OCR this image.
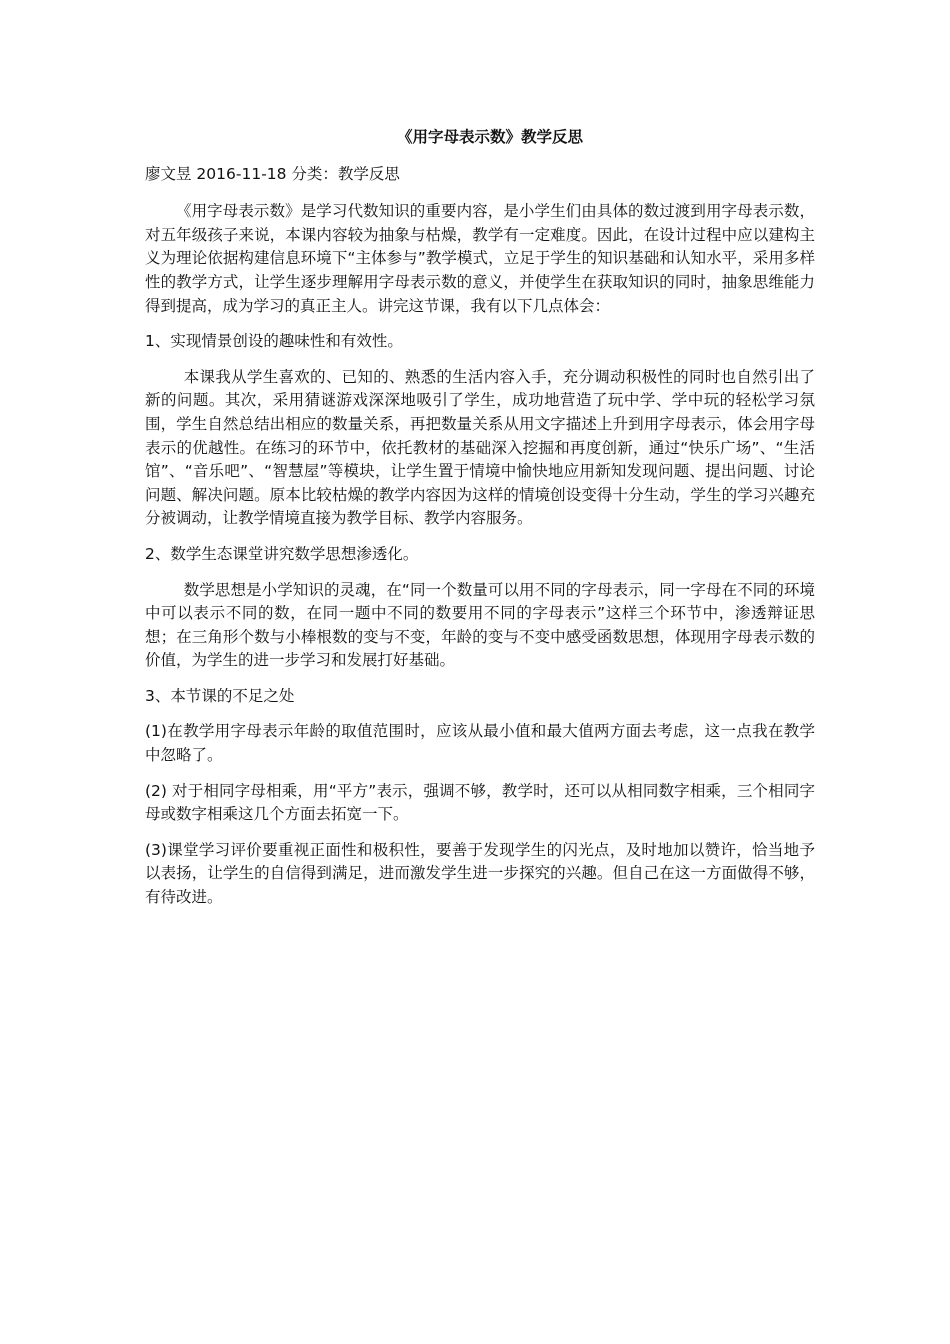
《用字母表示数》教学反思

廖文昱 2016-11-18 分类：教学反思

《用字母表示数》是学习代数知识的重要内容，是小学生们由具体的数过渡到用字母表示数，对五年级孩子来说，本课内容较为抽象与枯燥，教学有一定难度。因此，在设计过程中应以建构主义为理论依据构建信息环境下“主体参与”教学模式，立足于学生的知识基础和认知水平，采用多样性的教学方式，让学生逐步理解用字母表示数的意义，并使学生在获取知识的同时，抽象思维能力得到提高，成为学习的真正主人。讲完这节课，我有以下几点体会：

1、实现情景创设的趣味性和有效性。

本课我从学生喜欢的、已知的、熟悉的生活内容入手，充分调动积极性的同时也自然引出了新的问题。其次，采用猜谜游戏深深地吸引了学生，成功地营造了玩中学、学中玩的轻松学习氛围，学生自然总结出相应的数量关系，再把数量关系从用文字描述上升到用字母表示，体会用字母表示的优越性。在练习的环节中，依托教材的基础深入挖掘和再度创新，通过“快乐广场”、“生活馆”、“音乐吧”、“智慧屋”等模块，让学生置于情境中愉快地应用新知发现问题、提出问题、讨论问题、解决问题。原本比较枯燥的教学内容因为这样的情境创设变得十分生动，学生的学习兴趣充分被调动，让教学情境直接为教学目标、教学内容服务。

2、数学生态课堂讲究数学思想渗透化。

数学思想是小学知识的灵魂，在“同一个数量可以用不同的字母表示，同一字母在不同的环境中可以表示不同的数，在同一题中不同的数要用不同的字母表示”这样三个环节中，渗透辩证思想；在三角形个数与小棒根数的变与不变，年龄的变与不变中感受函数思想，体现用字母表示数的价值，为学生的进一步学习和发展打好基础。

3、本节课的不足之处

(1)在教学用字母表示年龄的取值范围时，应该从最小值和最大值两方面去考虑，这一点我在教学中忽略了。

(2) 对于相同字母相乘，用“平方”表示，强调不够，教学时，还可以从相同数字相乘，三个相同字母或数字相乘这几个方面去拓宽一下。

(3)课堂学习评价要重视正面性和极积性，要善于发现学生的闪光点，及时地加以赞许，恰当地予以表扬，让学生的自信得到满足，进而激发学生进一步探究的兴趣。但自己在这一方面做得不够，有待改进。
